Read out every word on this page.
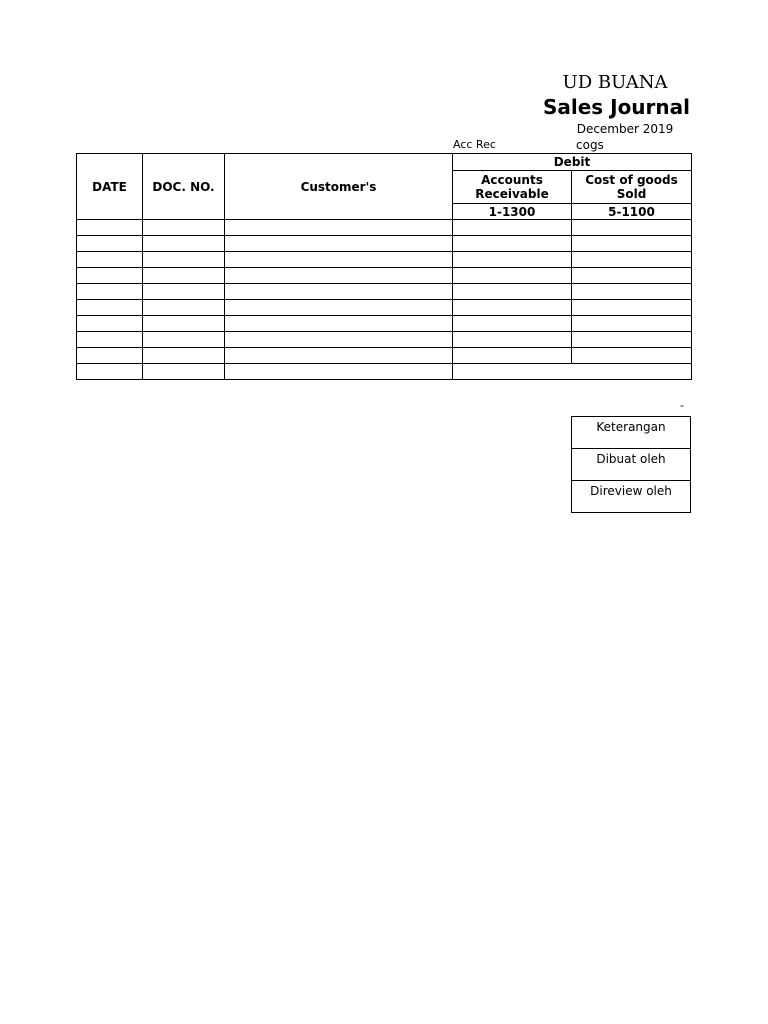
UD BUANA
Sales Journal
December 2019
Acc Rec	cogs
DATE	DOC. NO.	Customer's	Debit	
			Accounts Receivable	Cost of goods Sold
			1-1300	5-1100

-
Keterangan
Dibuat oleh
Direview oleh
